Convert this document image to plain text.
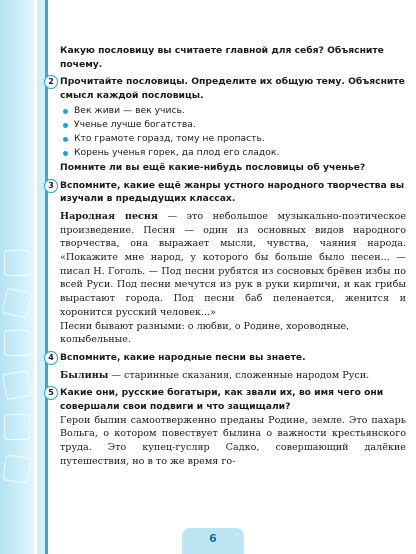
Какую пословицу вы считаете главной для себя? Объясните почему.

2 Прочитайте пословицы. Определите их общую тему. Объясните смысл каждой пословицы.

Век живи — век учись.
Ученье лучше богатства.
Кто грамоте горазд, тому не пропасть.
Корень ученья горек, да плод его сладок.

Помните ли вы ещё какие-нибудь пословицы об ученье?

3 Вспомните, какие ещё жанры устного народного творчества вы изучали в предыдущих классах.

Народная песня — это небольшое музыкально-поэтическое произведение. Песня — один из основных видов народного творчества, она выражает мысли, чувства, чаяния народа. «Покажите мне народ, у которого бы больше было песен... — писал Н. Гоголь. — Под песни рубятся из сосновых брёвен избы по всей Руси. Под песни мечутся из рук в руки кирпичи, и как грибы вырастают города. Под песни баб пеленается, женится и хоронится русский человек...»

Песни бывают разными: о любви, о Родине, хороводные, колыбельные.

4 Вспомните, какие народные песни вы знаете.

Былины — старинные сказания, сложенные народом Руси.

5 Какие они, русские богатыри, как звали их, во имя чего они совершали свои подвиги и что защищали?

Герои былин самоотверженно преданы Родине, земле. Это пахарь Вольга, о котором повествует былина о важности крестьянского труда. Это купец-гусляр Садко, совершающий далёкие путешествия, но в то же время го-

6
